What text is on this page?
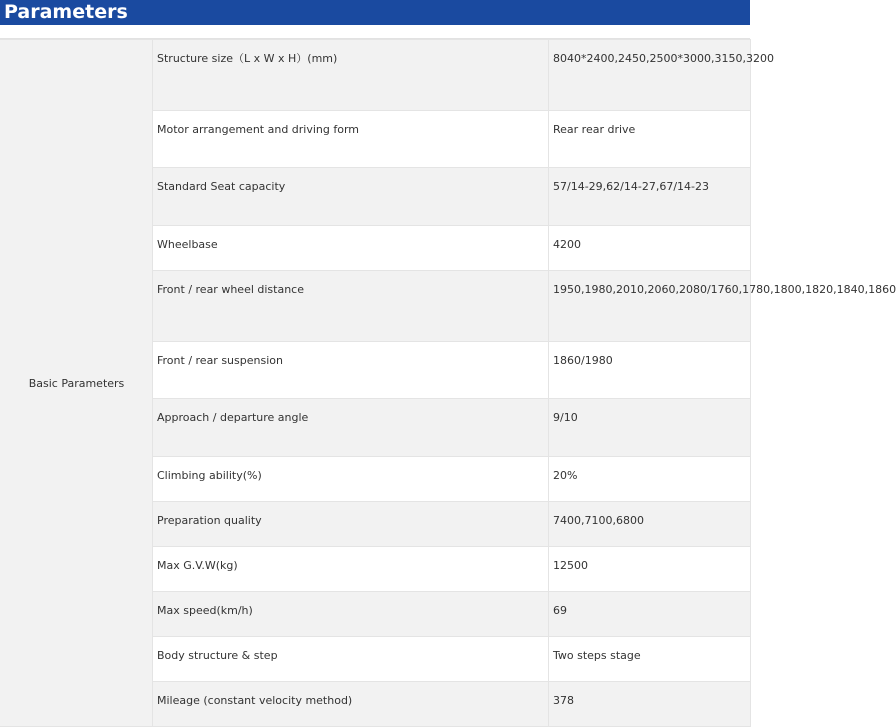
Parameters
Basic Parameters	Structure size（L x W x H）(mm)	8040*2400,2450,2500*3000,3150,3200

	Motor arrangement and driving form	Rear rear drive

	Standard Seat capacity	57/14-29,62/14-27,67/14-23

	Wheelbase	4200

	Front / rear wheel distance	1950,1980,2010,2060,2080/1760,1780,1800,1820,1840,1860

	Front / rear suspension	1860/1980

	Approach / departure angle	9/10

	Climbing ability(%)	20%

	Preparation quality	7400,7100,6800

	Max G.V.W(kg)	12500

	Max speed(km/h)	69

	Body structure & step	Two steps stage

	Mileage (constant velocity method)	378
